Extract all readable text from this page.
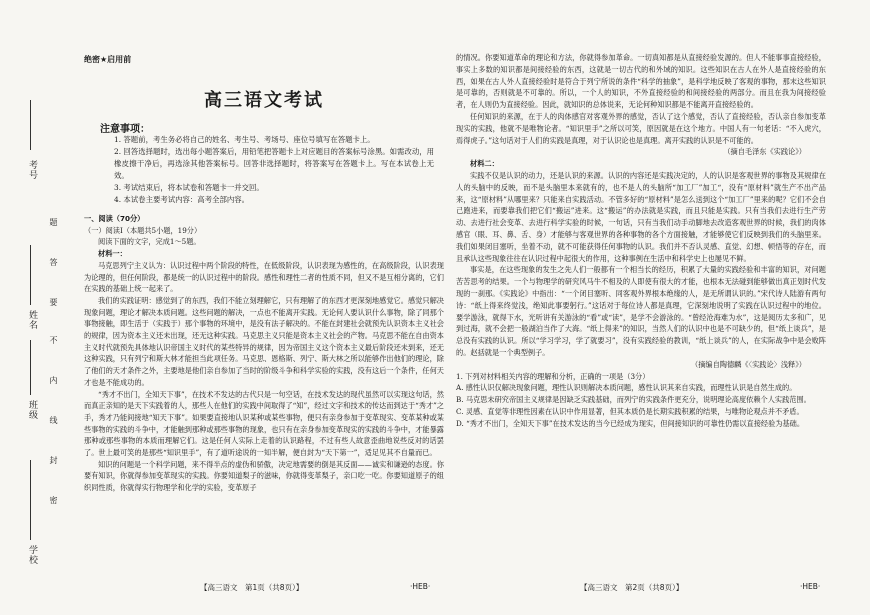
考号
姓名
班级
学校
题
答
要
不
内
线
封
密
绝密★启用前
高三语文考试
注意事项：

1. 答题前，考生务必将自己的姓名、考生号、考场号、座位号填写在答题卡上。

2. 回答选择题时，选出每小题答案后，用铅笔把答题卡上对应题目的答案标号涂黑。如需改动，用橡皮擦干净后，再选涂其他答案标号。回答非选择题时，将答案写在答题卡上。写在本试卷上无效。

3. 考试结束后，将本试卷和答题卡一并交回。

4. 本试卷主要考试内容：高考全部内容。

一、阅读（70分）

（一）阅读Ⅰ（本题共5小题，19分）

阅读下面的文字，完成1～5题。

材料一：

马克思列宁主义认为：认识过程中两个阶段的特性，在低级阶段，认识表现为感性的，在高级阶段，认识表现为论理的，但任何阶段，都是统一的认识过程中的阶段。感性和理性二者的性质不同，但又不是互相分离的，它们在实践的基础上统一起来了。

我们的实践证明：感觉到了的东西，我们不能立刻理解它，只有理解了的东西才更深刻地感觉它。感觉只解决现象问题，理论才解决本质问题。这些问题的解决，一点也不能离开实践。无论何人要认识什么事物，除了同那个事物接触，即生活于（实践于）那个事物的环境中，是没有法子解决的。不能在封建社会就预先认识资本主义社会的规律，因为资本主义还未出现，还无这种实践。马克思主义只能是资本主义社会的产物。马克思不能在自由资本主义时代就预先具体地认识帝国主义时代的某些特异的规律，因为帝国主义这个资本主义最后阶段还未到来，还无这种实践，只有列宁和斯大林才能担当此项任务。马克思、恩格斯、列宁、斯大林之所以能够作出他们的理论，除了他们的天才条件之外，主要地是他们亲自参加了当时的阶级斗争和科学实验的实践，没有这后一个条件，任何天才也是不能成功的。

“秀才不出门，全知天下事”，在技术不发达的古代只是一句空话，在技术发达的现代虽然可以实现这句话，然而真正亲知的是天下实践着的人，那些人在他们的实践中间取得了“知”，经过文字和技术的传达而到达于“秀才”之手，秀才乃能间接地“知天下事”。如果要直接地认识某种或某些事物，便只有亲身参加于变革现实、变革某种或某些事物的实践的斗争中，才能触到那种或那些事物的现象，也只有在亲身参加变革现实的实践的斗争中，才能暴露那种或那些事物的本质而理解它们。这是任何人实际上走着的认识路程，不过有些人故意歪曲地说些反对的话罢了。世上最可笑的是那些“知识里手”，有了道听途说的一知半解，便自封为“天下第一”，适足见其不自量而已。

知识的问题是一个科学问题，来不得半点的虚伪和骄傲，决定地需要的倒是其反面——诚实和谦逊的态度。你要有知识，你就得参加变革现实的实践。你要知道梨子的滋味，你就得变革梨子，亲口吃一吃。你要知道原子的组织同性质，你就得实行物理学和化学的实验，变革原子

的情况。你要知道革命的理论和方法，你就得参加革命。一切真知都是从直接经验发源的。但人不能事事直接经验，事实上多数的知识都是间接经验的东西，这就是一切古代的和外域的知识。这些知识在古人在外人是直接经验的东西，如果在古人外人直接经验时是符合于列宁所说的条件“科学的抽象”，是科学地反映了客观的事物，那末这些知识是可靠的，否则就是不可靠的。所以，一个人的知识，不外直接经验的和间接经验的两部分。而且在我为间接经验者，在人则仍为直接经验。因此，就知识的总体说来，无论何种知识都是不能离开直接经验的。

任何知识的来源，在于人的肉体感官对客观外界的感觉，否认了这个感觉，否认了直接经验，否认亲自参加变革现实的实践，他就不是唯物论者。“知识里手”之所以可笑，原因就是在这个地方。中国人有一句老话：“不入虎穴，焉得虎子。”这句话对于人们的实践是真理，对于认识论也是真理。离开实践的认识是不可能的。

（摘自毛泽东《实践论》）

材料二：

实践不仅是认识的动力，还是认识的来源。认识的内容还是实践决定的，人的认识是客观世界的事物及其规律在人的头脑中的反映，而不是头脑里本来就有的，也不是人的头脑所“加工厂”加工“，没有“原材料”就生产不出产品来，这“原材料”从哪里来？只能来自实践活动。不管多好的“原材料”是怎么送到这个“加工厂”里来的呢？它们不会自己跑进来，而要靠我们把它们“搬运”进来。这“搬运”的办法就是实践，而且只能是实践。只有当我们去进行生产劳动、去进行社会变革、去进行科学实验的时候，一句话，只有当我们动手动脚地去改造客观世界的时候，我们的肉体感官（眼、耳、鼻、舌、身）才能够与客观世界的各种事物的各个方面接触，才能够使它们反映到我们的头脑里来。我们如果闭目塞听，坐着不动，就不可能获得任何事物的认识。我们并不否认灵感、直觉、幻想、顿悟等的存在，而且承认这些现象往往在认识过程中起很大的作用，这种事例在生活中和科学史上也屡见不鲜。

事实是，在这些现象的发生之先人们一般都有一个相当长的经历，积累了大量的实践经验和丰富的知识，对问题苦苦思考的结果。一个与物理学的研究风马牛不相及的人即使有很大的才能，也根本无法碰到能够做出真正划时代发现的一刹那。《实践论》中指出：“一个闭目塞听、同客观外界根本绝缘的人，是无所谓认识的。”宋代诗人陆游有两句诗：“纸上得来终觉浅，绝知此事要躬行。”这话对于每位诗人都是真理，它深刻地说明了实践在认识过程中的地位。要学游泳，就得下水，光听讲有关游泳的“看”或“读”，是学不会游泳的。“曾经沧海难为水”，这是阅历太多和广，见到过海，就不会把一般湖泊当作了大海。“纸上得来”的知识，当然人们的认识中也是不可缺少的，但“纸上谈兵”，是总没有实践的认识。所以“学习学习，学了就要习”，没有实践经验的教训，“纸上谈兵”的人，在实际战争中是会败阵的。赵括就是一个典型例子。

（摘编自陶德麟《〈实践论〉浅释》）

1. 下列对材料相关内容的理解和分析，正确的一项是（3分）

A. 感性认识仅解决现象问题，理性认识则解决本质问题，感性认识其来自实践，而理性认识是自然生成的。

B. 马克思未研究帝国主义规律是因缺乏实践基础，而列宁的实践条件更充分，说明理论高度依赖个人实践范围。

C. 灵感、直觉等非理性因素在认识中作用显著，但其本质仍是长期实践积累的结果，与唯物论观点并不矛盾。

D. “秀才不出门，全知天下事”在技术发达的当今已经成为现实，但间接知识的可靠性仍需以直接经验为基础。

【高三语文　第1页（共8页）】	·HEB·	【高三语文　第2页（共8页）】	·HEB·
